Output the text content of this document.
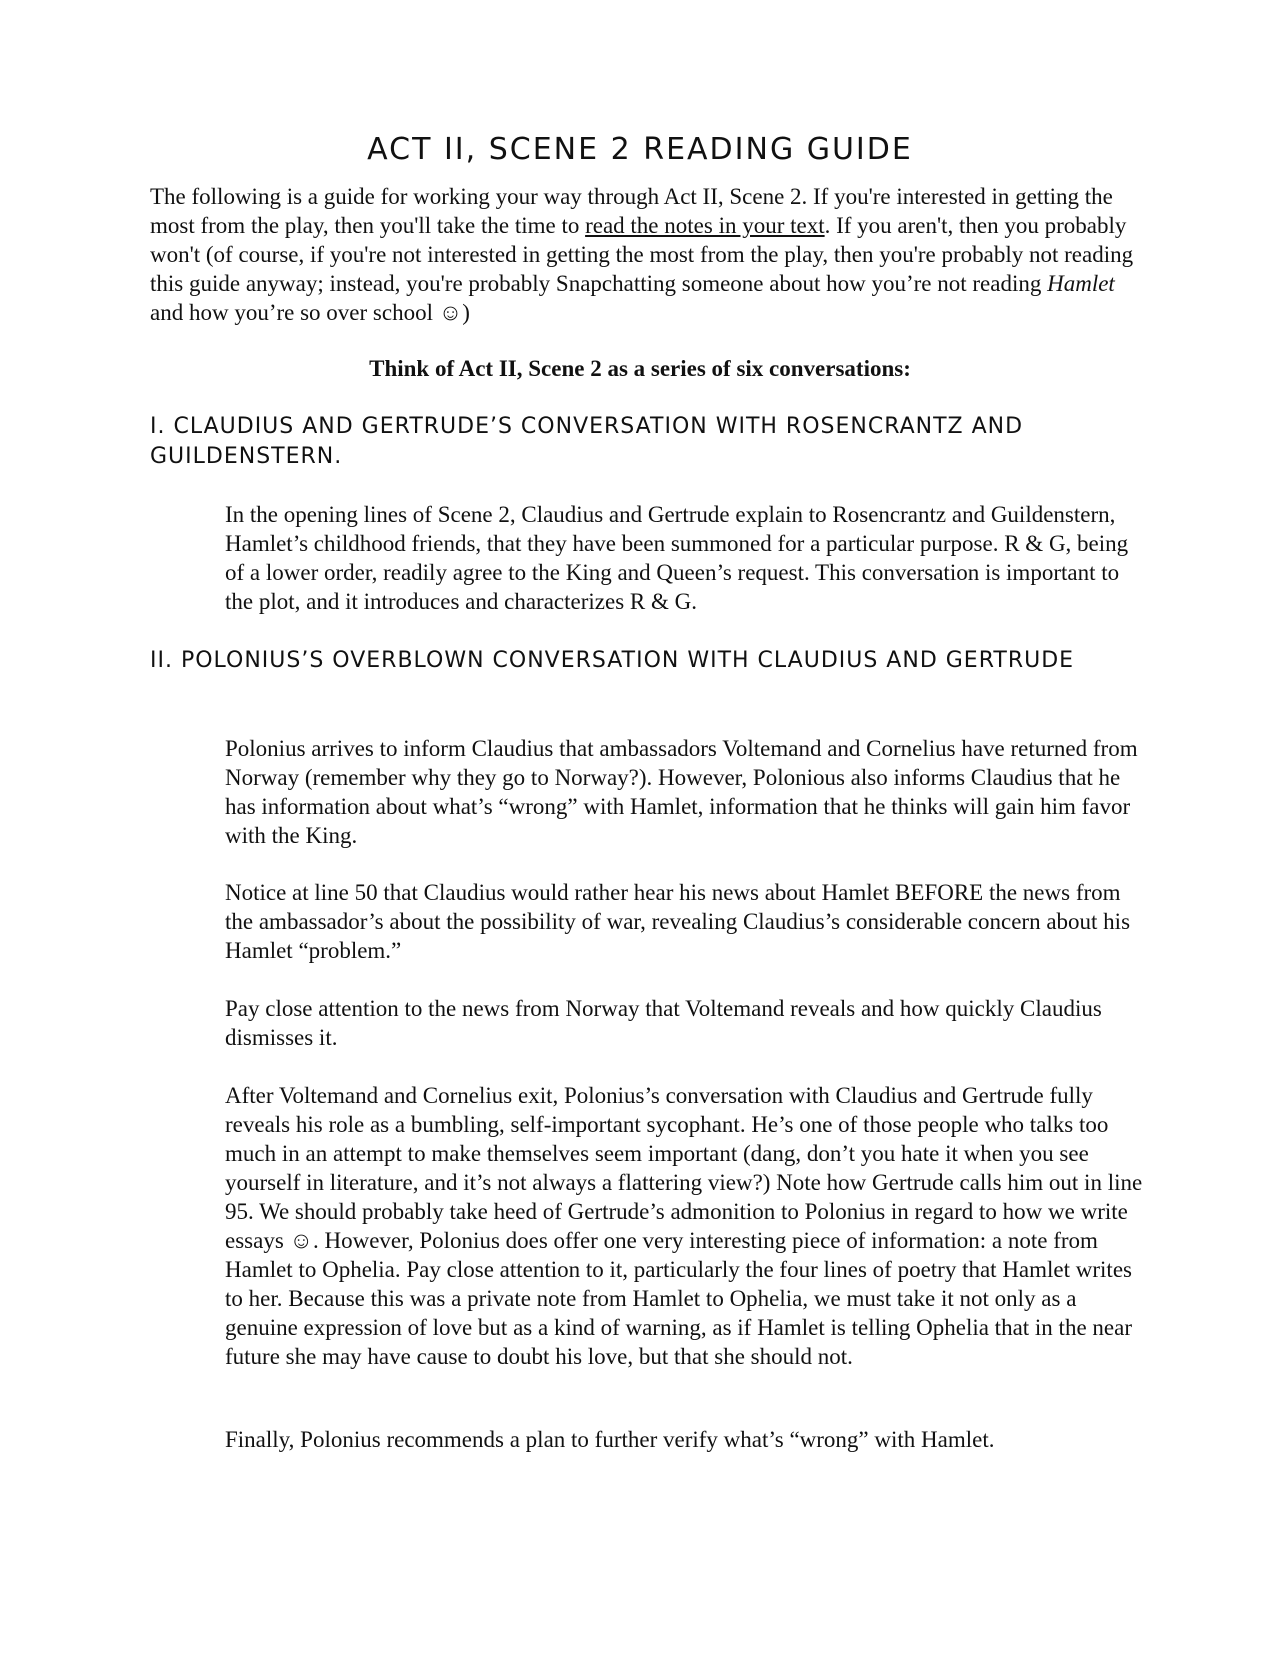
ACT II, SCENE 2 READING GUIDE

The following is a guide for working your way through Act II, Scene 2. If you're interested in getting the most from the play, then you'll take the time to read the notes in your text. If you aren't, then you probably won't (of course, if you're not interested in getting the most from the play, then you're probably not reading this guide anyway; instead, you're probably Snapchatting someone about how you’re not reading Hamlet and how you’re so over school ☺)

Think of Act II, Scene 2 as a series of six conversations:

I. CLAUDIUS AND GERTRUDE’S CONVERSATION WITH ROSENCRANTZ AND GUILDENSTERN.

In the opening lines of Scene 2, Claudius and Gertrude explain to Rosencrantz and Guildenstern, Hamlet’s childhood friends, that they have been summoned for a particular purpose. R & G, being of a lower order, readily agree to the King and Queen’s request. This conversation is important to the plot, and it introduces and characterizes R & G.

II. POLONIUS’S OVERBLOWN CONVERSATION WITH CLAUDIUS AND GERTRUDE

Polonius arrives to inform Claudius that ambassadors Voltemand and Cornelius have returned from Norway (remember why they go to Norway?). However, Polonious also informs Claudius that he has information about what’s “wrong” with Hamlet, information that he thinks will gain him favor with the King.

Notice at line 50 that Claudius would rather hear his news about Hamlet BEFORE the news from the ambassador’s about the possibility of war, revealing Claudius’s considerable concern about his Hamlet “problem.”

Pay close attention to the news from Norway that Voltemand reveals and how quickly Claudius dismisses it.

After Voltemand and Cornelius exit, Polonius’s conversation with Claudius and Gertrude fully reveals his role as a bumbling, self-important sycophant. He’s one of those people who talks too much in an attempt to make themselves seem important (dang, don’t you hate it when you see yourself in literature, and it’s not always a flattering view?) Note how Gertrude calls him out in line 95. We should probably take heed of Gertrude’s admonition to Polonius in regard to how we write essays ☺. However, Polonius does offer one very interesting piece of information: a note from Hamlet to Ophelia. Pay close attention to it, particularly the four lines of poetry that Hamlet writes to her. Because this was a private note from Hamlet to Ophelia, we must take it not only as a genuine expression of love but as a kind of warning, as if Hamlet is telling Ophelia that in the near future she may have cause to doubt his love, but that she should not.

Finally, Polonius recommends a plan to further verify what’s “wrong” with Hamlet.
